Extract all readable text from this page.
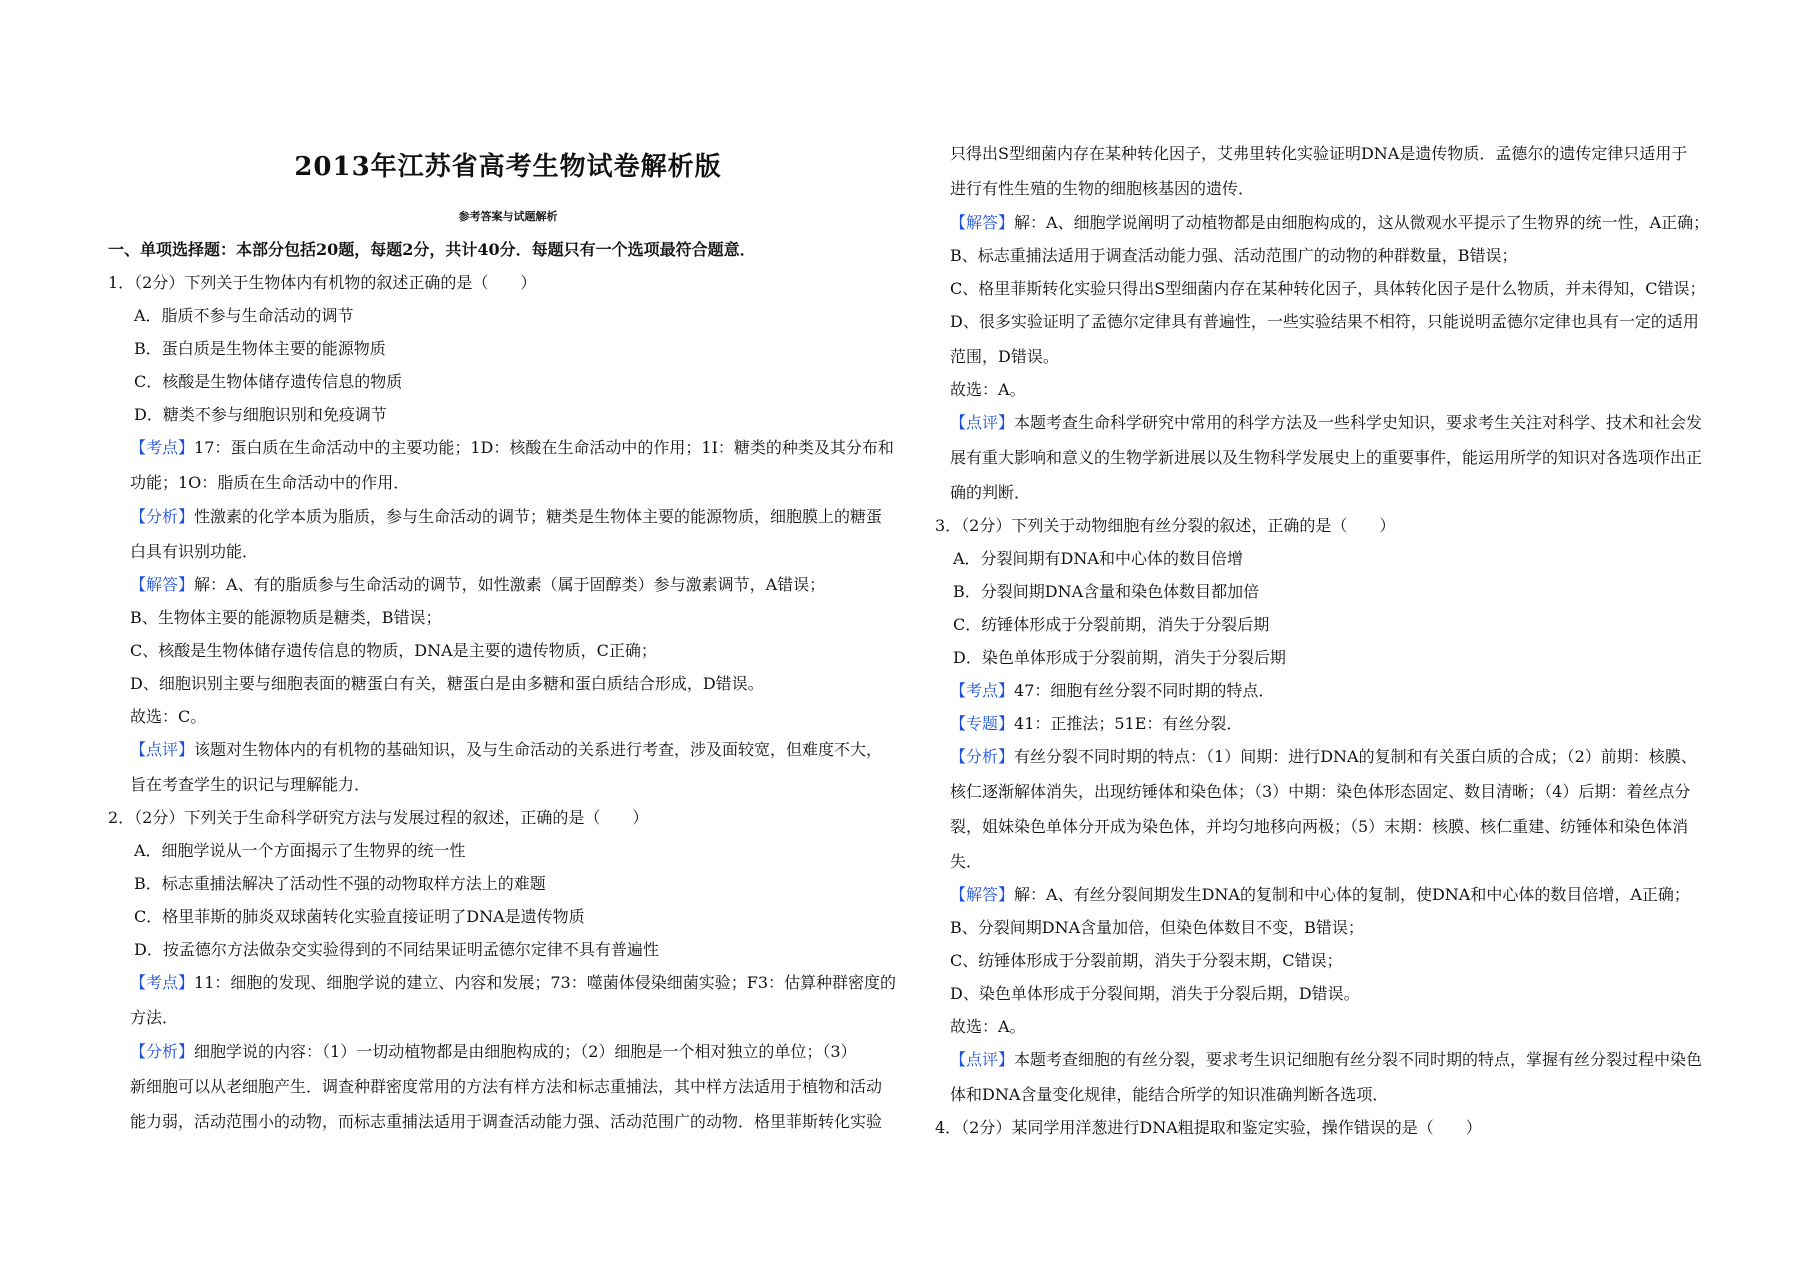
2013年江苏省高考生物试卷解析版
参考答案与试题解析
一、单项选择题：本部分包括20题，每题2分，共计40分．每题只有一个选项最符合题意．
1．（2分）下列关于生物体内有机物的叙述正确的是（　　）
A．脂质不参与生命活动的调节
B．蛋白质是生物体主要的能源物质
C．核酸是生物体储存遗传信息的物质
D．糖类不参与细胞识别和免疫调节
【考点】17：蛋白质在生命活动中的主要功能；1D：核酸在生命活动中的作用；1I：糖类的种类及其分布和
功能；1O：脂质在生命活动中的作用．
【分析】性激素的化学本质为脂质，参与生命活动的调节；糖类是生物体主要的能源物质，细胞膜上的糖蛋
白具有识别功能．
【解答】解：A、有的脂质参与生命活动的调节，如性激素（属于固醇类）参与激素调节，A错误；
B、生物体主要的能源物质是糖类，B错误；
C、核酸是生物体储存遗传信息的物质，DNA是主要的遗传物质，C正确；
D、细胞识别主要与细胞表面的糖蛋白有关，糖蛋白是由多糖和蛋白质结合形成，D错误。
故选：C。
【点评】该题对生物体内的有机物的基础知识，及与生命活动的关系进行考查，涉及面较宽，但难度不大，
旨在考查学生的识记与理解能力．
2．（2分）下列关于生命科学研究方法与发展过程的叙述，正确的是（　　）
A．细胞学说从一个方面揭示了生物界的统一性
B．标志重捕法解决了活动性不强的动物取样方法上的难题
C．格里菲斯的肺炎双球菌转化实验直接证明了DNA是遗传物质
D．按孟德尔方法做杂交实验得到的不同结果证明孟德尔定律不具有普遍性
【考点】11：细胞的发现、细胞学说的建立、内容和发展；73：噬菌体侵染细菌实验；F3：估算种群密度的
方法．
【分析】细胞学说的内容：（1）一切动植物都是由细胞构成的；（2）细胞是一个相对独立的单位；（3）
新细胞可以从老细胞产生．调查种群密度常用的方法有样方法和标志重捕法，其中样方法适用于植物和活动
能力弱，活动范围小的动物，而标志重捕法适用于调查活动能力强、活动范围广的动物．格里菲斯转化实验
只得出S型细菌内存在某种转化因子，艾弗里转化实验证明DNA是遗传物质．孟德尔的遗传定律只适用于
进行有性生殖的生物的细胞核基因的遗传．
【解答】解：A、细胞学说阐明了动植物都是由细胞构成的，这从微观水平提示了生物界的统一性，A正确；
B、标志重捕法适用于调查活动能力强、活动范围广的动物的种群数量，B错误；
C、格里菲斯转化实验只得出S型细菌内存在某种转化因子，具体转化因子是什么物质，并未得知，C错误；
D、很多实验证明了孟德尔定律具有普遍性，一些实验结果不相符，只能说明孟德尔定律也具有一定的适用
范围，D错误。
故选：A。
【点评】本题考查生命科学研究中常用的科学方法及一些科学史知识，要求考生关注对科学、技术和社会发
展有重大影响和意义的生物学新进展以及生物科学发展史上的重要事件，能运用所学的知识对各选项作出正
确的判断．
3．（2分）下列关于动物细胞有丝分裂的叙述，正确的是（　　）
A．分裂间期有DNA和中心体的数目倍增
B．分裂间期DNA含量和染色体数目都加倍
C．纺锤体形成于分裂前期，消失于分裂后期
D．染色单体形成于分裂前期，消失于分裂后期
【考点】47：细胞有丝分裂不同时期的特点．
【专题】41：正推法；51E：有丝分裂．
【分析】有丝分裂不同时期的特点：（1）间期：进行DNA的复制和有关蛋白质的合成；（2）前期：核膜、
核仁逐渐解体消失，出现纺锤体和染色体；（3）中期：染色体形态固定、数目清晰；（4）后期：着丝点分
裂，姐妹染色单体分开成为染色体，并均匀地移向两极；（5）末期：核膜、核仁重建、纺锤体和染色体消
失．
【解答】解：A、有丝分裂间期发生DNA的复制和中心体的复制，使DNA和中心体的数目倍增，A正确；
B、分裂间期DNA含量加倍，但染色体数目不变，B错误；
C、纺锤体形成于分裂前期，消失于分裂末期，C错误；
D、染色单体形成于分裂间期，消失于分裂后期，D错误。
故选：A。
【点评】本题考查细胞的有丝分裂，要求考生识记细胞有丝分裂不同时期的特点，掌握有丝分裂过程中染色
体和DNA含量变化规律，能结合所学的知识准确判断各选项．
4．（2分）某同学用洋葱进行DNA粗提取和鉴定实验，操作错误的是（　　）
